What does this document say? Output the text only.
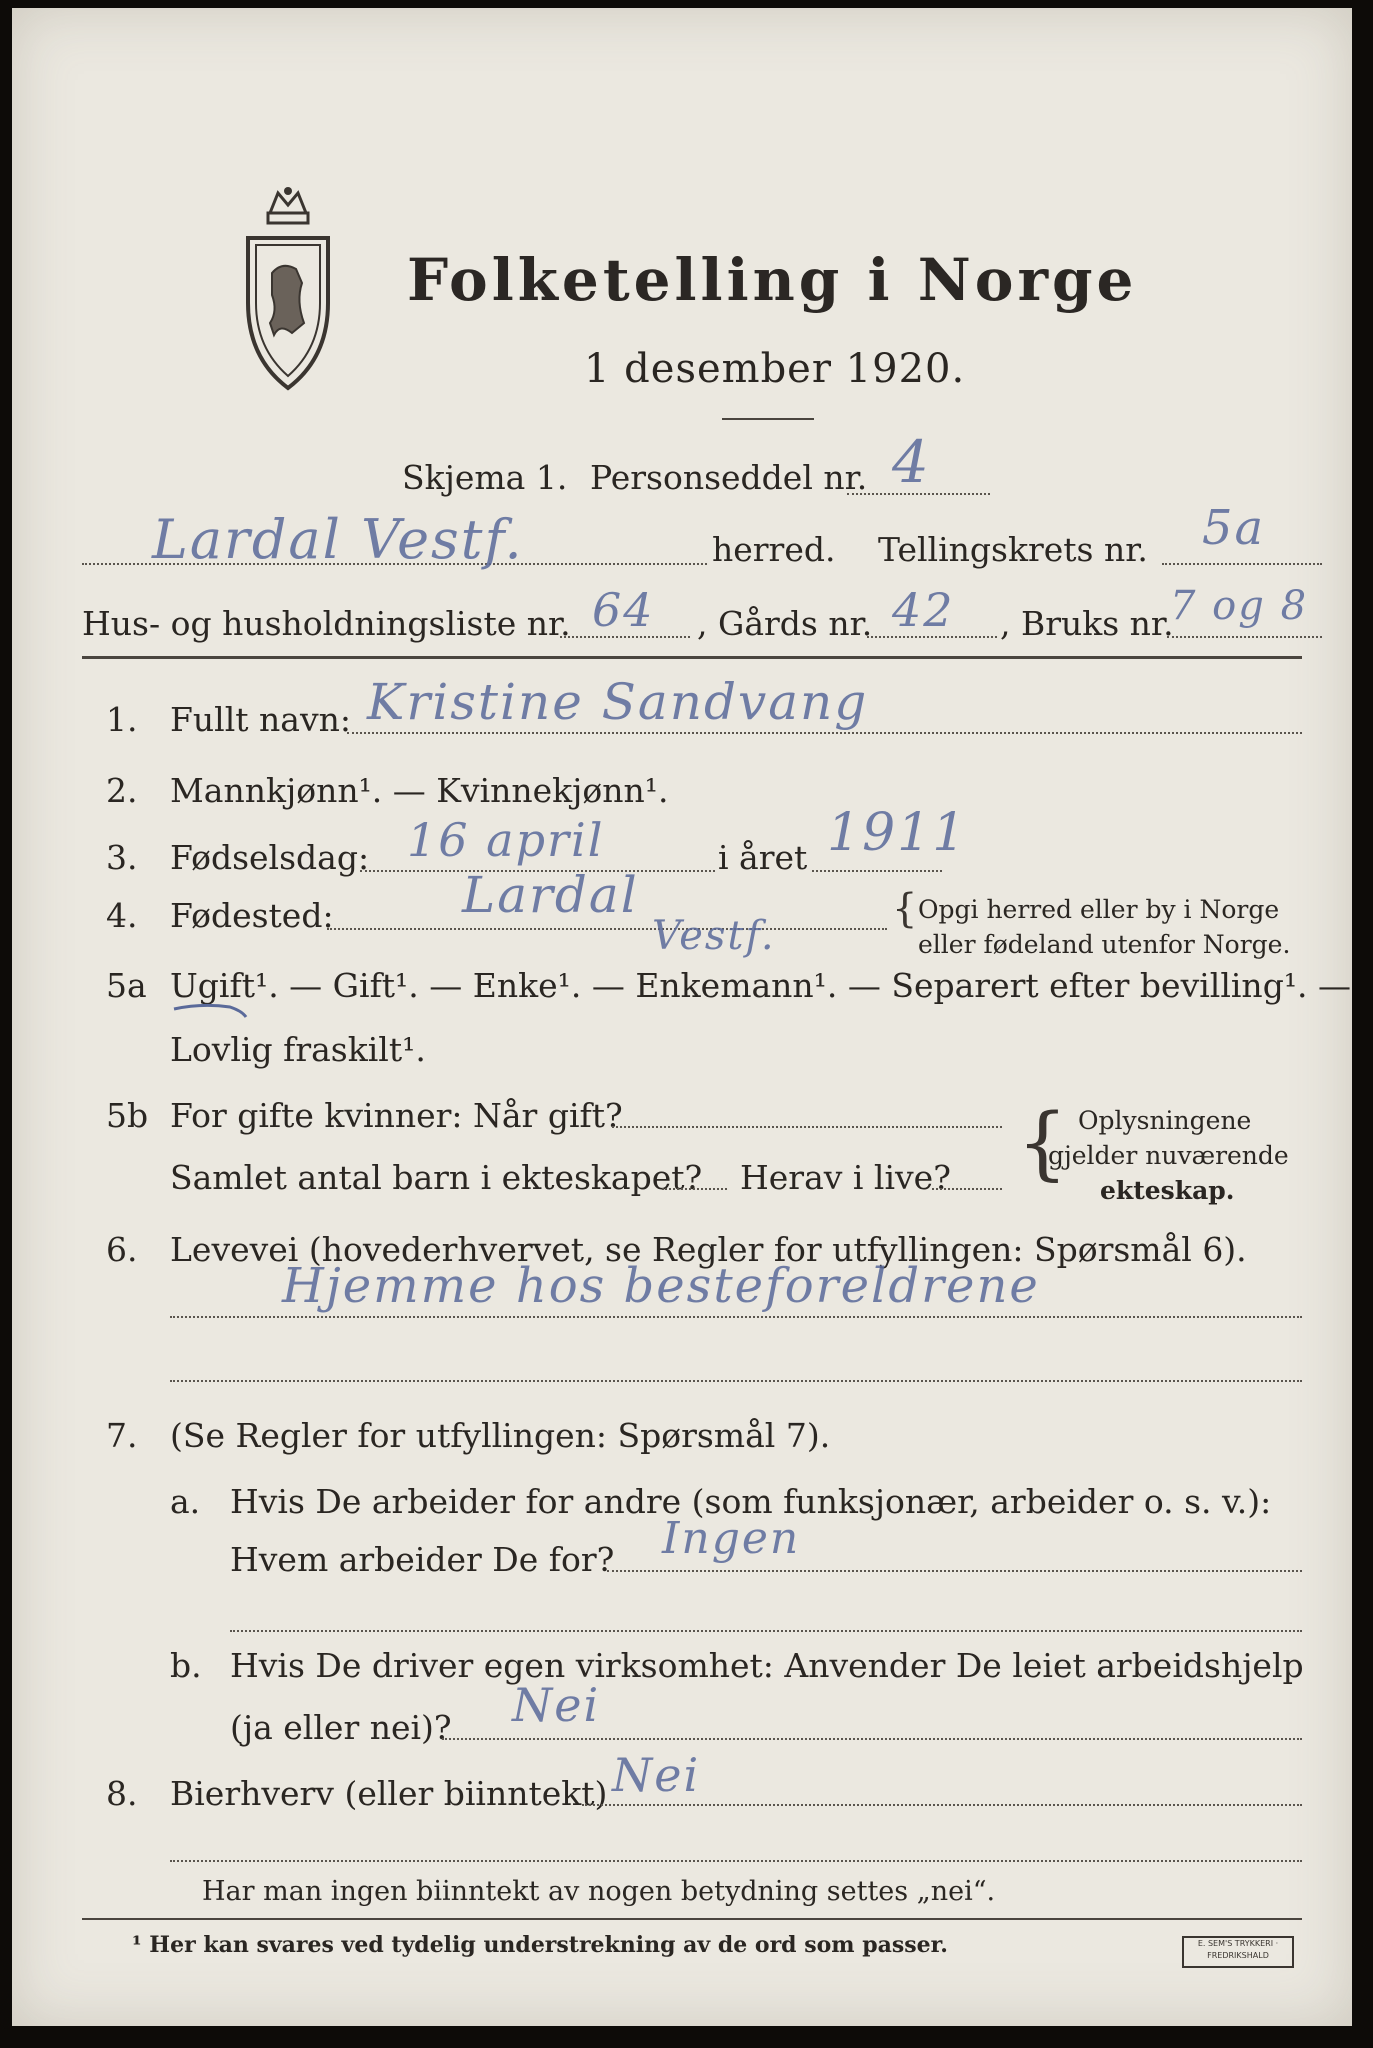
Folketelling i Norge
1 desember 1920.
Skjema 1. Personseddel nr. 4
Lardal Vestf.	herred. Tellingskrets nr. 5a
Hus- og husholdningsliste nr. 64 , Gårds nr. 42 , Bruks nr.
7 og 8
1. Fullt navn: Kristine Sandvang
2. Mannkjønn¹. — Kvinnekjønn¹.
3. Fødselsdag: 16 april	i året 1911
4. Fødested:	Lardal
Vestf.
{ Opgi herred eller by i Norge
eller fødeland utenfor Norge.
5a Ugift¹. — Gift¹. — Enke¹. — Enkemann¹. — Separert efter bevilling¹. —
Lovlig fraskilt¹.
5b For gifte kvinner: Når gift?
Samlet antal barn i ekteskapet? Herav i live? { Oplysningene
gjelder nuværende
ekteskap.
6. Levevei (hovederhvervet, se Regler for utfyllingen: Spørsmål 6).
Hjemme hos besteforeldrene
7. (Se Regler for utfyllingen: Spørsmål 7).
a. Hvis De arbeider for andre (som funksjonær, arbeider o. s. v.):
Hvem arbeider De for? Ingen
b. Hvis De driver egen virksomhet: Anvender De leiet arbeidshjelp
(ja eller nei)? Nei
8. Bierhverv (eller biinntekt) Nei
Har man ingen biinntekt av nogen betydning settes „nei“.
¹ Her kan svares ved tydelig understrekning av de ord som passer.	E. SEM'S TRYKKERI · FREDRIKSHALD
